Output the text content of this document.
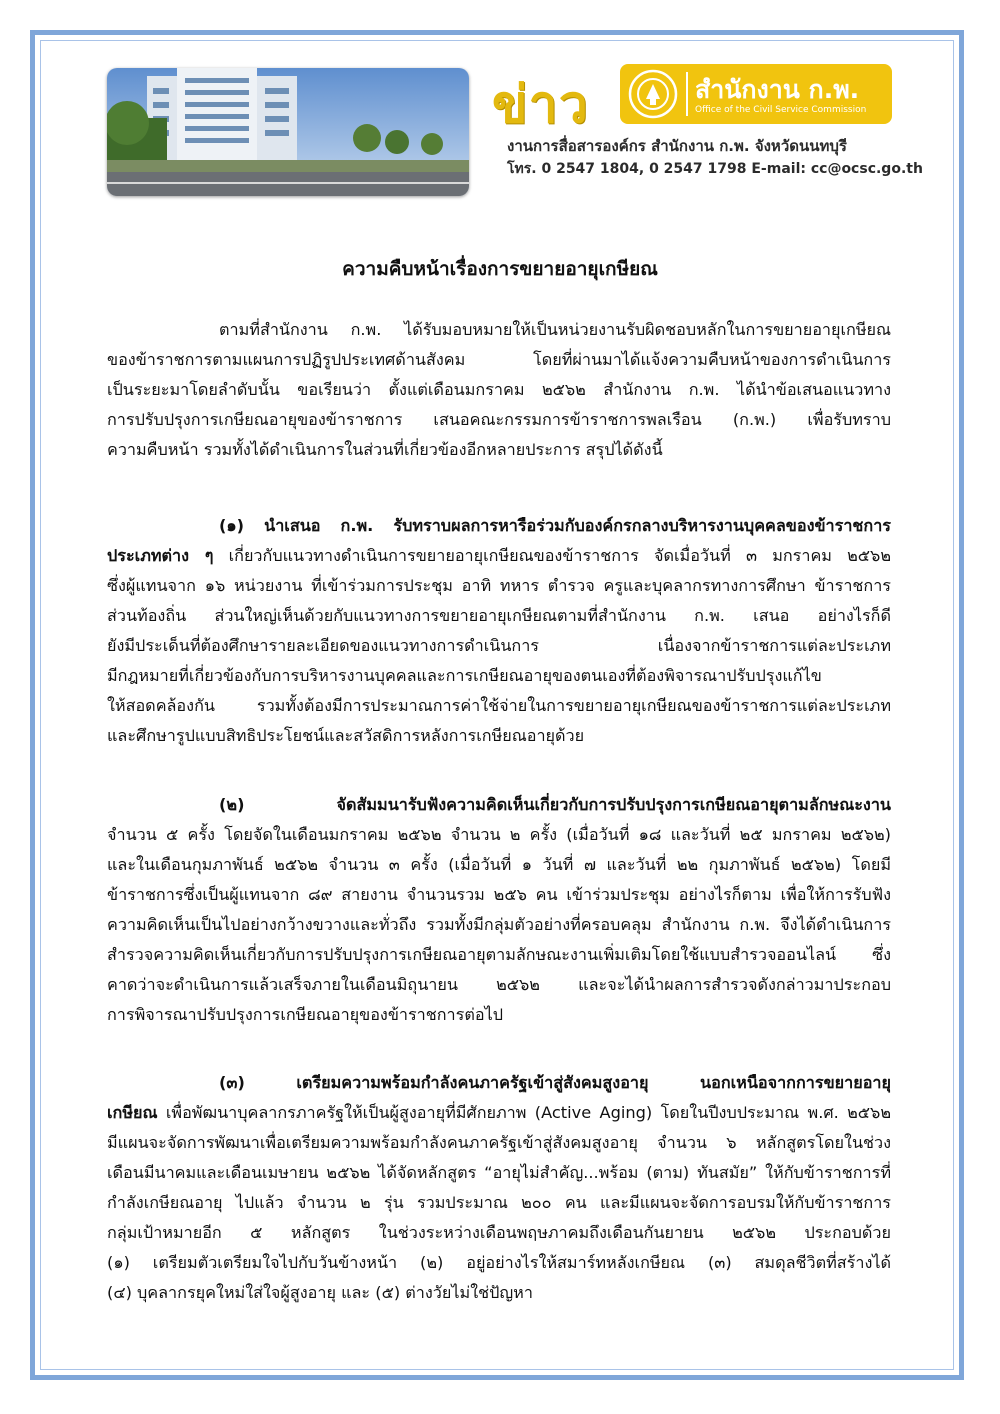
ข่าว	สำนักงาน ก.พ.
Office of the Civil Service Commission
งานการสื่อสารองค์กร สำนักงาน ก.พ. จังหวัดนนทบุรี
โทร. 0 2547 1804, 0 2547 1798 E-mail: cc@ocsc.go.th
ความคืบหน้าเรื่องการขยายอายุเกษียณ
ตามที่สำนักงาน ก.พ. ได้รับมอบหมายให้เป็นหน่วยงานรับผิดชอบหลักในการขยายอายุเกษียณ
ของข้าราชการตามแผนการปฏิรูปประเทศด้านสังคม โดยที่ผ่านมาได้แจ้งความคืบหน้าของการดำเนินการ
เป็นระยะมาโดยลำดับนั้น ขอเรียนว่า ตั้งแต่เดือนมกราคม ๒๕๖๒ สำนักงาน ก.พ. ได้นำข้อเสนอแนวทาง
การปรับปรุงการเกษียณอายุของข้าราชการ เสนอคณะกรรมการข้าราชการพลเรือน (ก.พ.) เพื่อรับทราบ
ความคืบหน้า รวมทั้งได้ดำเนินการในส่วนที่เกี่ยวข้องอีกหลายประการ สรุปได้ดังนี้
(๑) นำเสนอ ก.พ. รับทราบผลการหารือร่วมกับองค์กรกลางบริหารงานบุคคลของข้าราชการ
ประเภทต่าง ๆ เกี่ยวกับแนวทางดำเนินการขยายอายุเกษียณของข้าราชการ จัดเมื่อวันที่ ๓ มกราคม ๒๕๖๒
ซึ่งผู้แทนจาก ๑๖ หน่วยงาน ที่เข้าร่วมการประชุม อาทิ ทหาร ตำรวจ ครูและบุคลากรทางการศึกษา ข้าราชการ
ส่วนท้องถิ่น ส่วนใหญ่เห็นด้วยกับแนวทางการขยายอายุเกษียณตามที่สำนักงาน ก.พ. เสนอ อย่างไรก็ดี
ยังมีประเด็นที่ต้องศึกษารายละเอียดของแนวทางการดำเนินการ เนื่องจากข้าราชการแต่ละประเภท
มีกฎหมายที่เกี่ยวข้องกับการบริหารงานบุคคลและการเกษียณอายุของตนเองที่ต้องพิจารณาปรับปรุงแก้ไข
ให้สอดคล้องกัน รวมทั้งต้องมีการประมาณการค่าใช้จ่ายในการขยายอายุเกษียณของข้าราชการแต่ละประเภท
และศึกษารูปแบบสิทธิประโยชน์และสวัสดิการหลังการเกษียณอายุด้วย
(๒) จัดสัมมนารับฟังความคิดเห็นเกี่ยวกับการปรับปรุงการเกษียณอายุตามลักษณะงาน
จำนวน ๕ ครั้ง โดยจัดในเดือนมกราคม ๒๕๖๒ จำนวน ๒ ครั้ง (เมื่อวันที่ ๑๘ และวันที่ ๒๕ มกราคม ๒๕๖๒)
และในเดือนกุมภาพันธ์ ๒๕๖๒ จำนวน ๓ ครั้ง (เมื่อวันที่ ๑ วันที่ ๗ และวันที่ ๒๒ กุมภาพันธ์ ๒๕๖๒) โดยมี
ข้าราชการซึ่งเป็นผู้แทนจาก ๘๙ สายงาน จำนวนรวม ๒๕๖ คน เข้าร่วมประชุม อย่างไรก็ตาม เพื่อให้การรับฟัง
ความคิดเห็นเป็นไปอย่างกว้างขวางและทั่วถึง รวมทั้งมีกลุ่มตัวอย่างที่ครอบคลุม สำนักงาน ก.พ. จึงได้ดำเนินการ
สำรวจความคิดเห็นเกี่ยวกับการปรับปรุงการเกษียณอายุตามลักษณะงานเพิ่มเติมโดยใช้แบบสำรวจออนไลน์ ซึ่ง
คาดว่าจะดำเนินการแล้วเสร็จภายในเดือนมิถุนายน ๒๕๖๒ และจะได้นำผลการสำรวจดังกล่าวมาประกอบ
การพิจารณาปรับปรุงการเกษียณอายุของข้าราชการต่อไป
(๓) เตรียมความพร้อมกำลังคนภาครัฐเข้าสู่สังคมสูงอายุ นอกเหนือจากการขยายอายุ
เกษียณ เพื่อพัฒนาบุคลากรภาครัฐให้เป็นผู้สูงอายุที่มีศักยภาพ (Active Aging) โดยในปีงบประมาณ พ.ศ. ๒๕๖๒
มีแผนจะจัดการพัฒนาเพื่อเตรียมความพร้อมกำลังคนภาครัฐเข้าสู่สังคมสูงอายุ จำนวน ๖ หลักสูตรโดยในช่วง
เดือนมีนาคมและเดือนเมษายน ๒๕๖๒ ได้จัดหลักสูตร “อายุไม่สำคัญ...พร้อม (ตาม) ทันสมัย” ให้กับข้าราชการที่
กำลังเกษียณอายุ ไปแล้ว จำนวน ๒ รุ่น รวมประมาณ ๒๐๐ คน และมีแผนจะจัดการอบรมให้กับข้าราชการ
กลุ่มเป้าหมายอีก ๕ หลักสูตร ในช่วงระหว่างเดือนพฤษภาคมถึงเดือนกันยายน ๒๕๖๒ ประกอบด้วย
(๑) เตรียมตัวเตรียมใจไปกับวันข้างหน้า (๒) อยู่อย่างไรให้สมาร์ทหลังเกษียณ (๓) สมดุลชีวิตที่สร้างได้
(๔) บุคลากรยุคใหม่ใส่ใจผู้สูงอายุ และ (๕) ต่างวัยไม่ใช่ปัญหา
